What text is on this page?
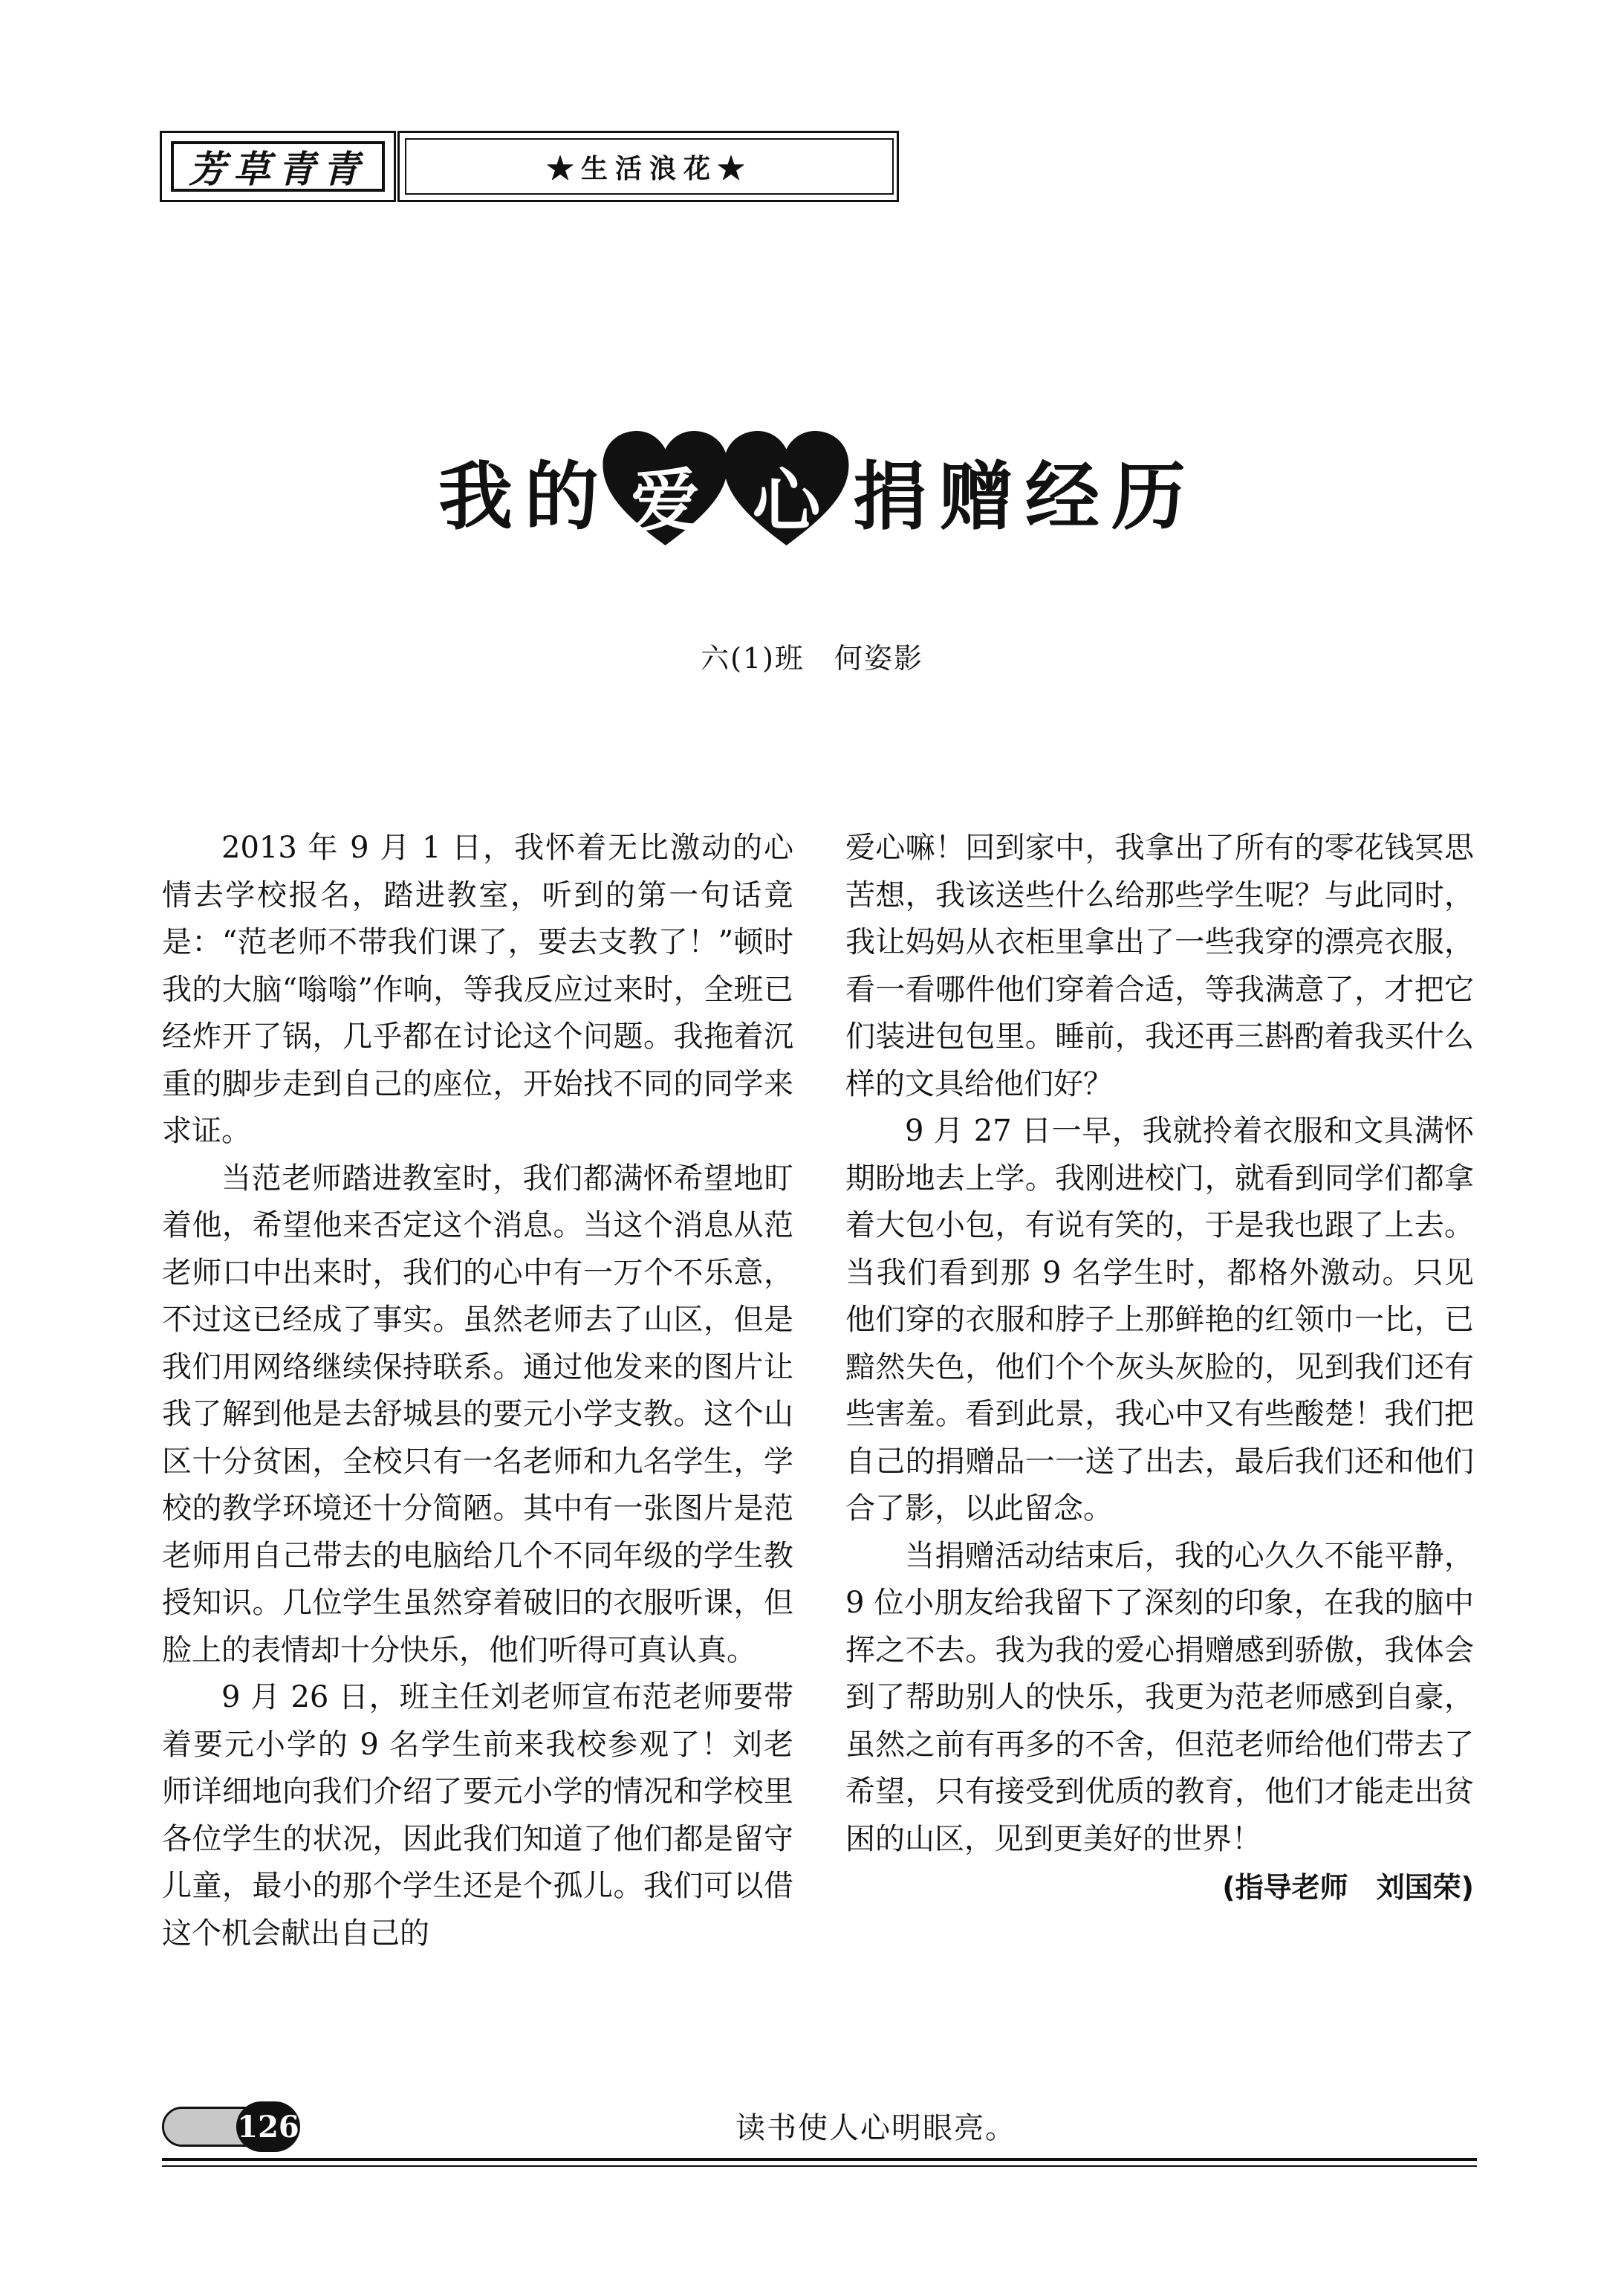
芳草青青	★生活浪花★
我 的 爱 心 捐 赠 经 历
六(1)班 何姿影

2013 年 9 月 1 日，我怀着无比激动的心情去学校报名，踏进教室，听到的第一句话竟是：“范老师不带我们课了，要去支教了！”顿时我的大脑“嗡嗡”作响，等我反应过来时，全班已经炸开了锅，几乎都在讨论这个问题。我拖着沉重的脚步走到自己的座位，开始找不同的同学来求证。

当范老师踏进教室时，我们都满怀希望地盯着他，希望他来否定这个消息。当这个消息从范老师口中出来时，我们的心中有一万个不乐意，不过这已经成了事实。虽然老师去了山区，但是我们用网络继续保持联系。通过他发来的图片让我了解到他是去舒城县的要元小学支教。这个山区十分贫困，全校只有一名老师和九名学生，学校的教学环境还十分简陋。其中有一张图片是范老师用自己带去的电脑给几个不同年级的学生教授知识。几位学生虽然穿着破旧的衣服听课，但脸上的表情却十分快乐，他们听得可真认真。

9 月 26 日，班主任刘老师宣布范老师要带着要元小学的 9 名学生前来我校参观了！刘老师详细地向我们介绍了要元小学的情况和学校里各位学生的状况，因此我们知道了他们都是留守儿童，最小的那个学生还是个孤儿。我们可以借这个机会献出自己的

爱心嘛！回到家中，我拿出了所有的零花钱冥思苦想，我该送些什么给那些学生呢？与此同时，我让妈妈从衣柜里拿出了一些我穿的漂亮衣服，看一看哪件他们穿着合适，等我满意了，才把它们装进包包里。睡前，我还再三斟酌着我买什么样的文具给他们好？

9 月 27 日一早，我就拎着衣服和文具满怀期盼地去上学。我刚进校门，就看到同学们都拿着大包小包，有说有笑的，于是我也跟了上去。当我们看到那 9 名学生时，都格外激动。只见他们穿的衣服和脖子上那鲜艳的红领巾一比，已黯然失色，他们个个灰头灰脸的，见到我们还有些害羞。看到此景，我心中又有些酸楚！我们把自己的捐赠品一一送了出去，最后我们还和他们合了影，以此留念。

当捐赠活动结束后，我的心久久不能平静，9 位小朋友给我留下了深刻的印象，在我的脑中挥之不去。我为我的爱心捐赠感到骄傲，我体会到了帮助别人的快乐，我更为范老师感到自豪，虽然之前有再多的不舍，但范老师给他们带去了希望，只有接受到优质的教育，他们才能走出贫困的山区，见到更美好的世界！

(指导老师　刘国荣)
126	读书使人心明眼亮。
